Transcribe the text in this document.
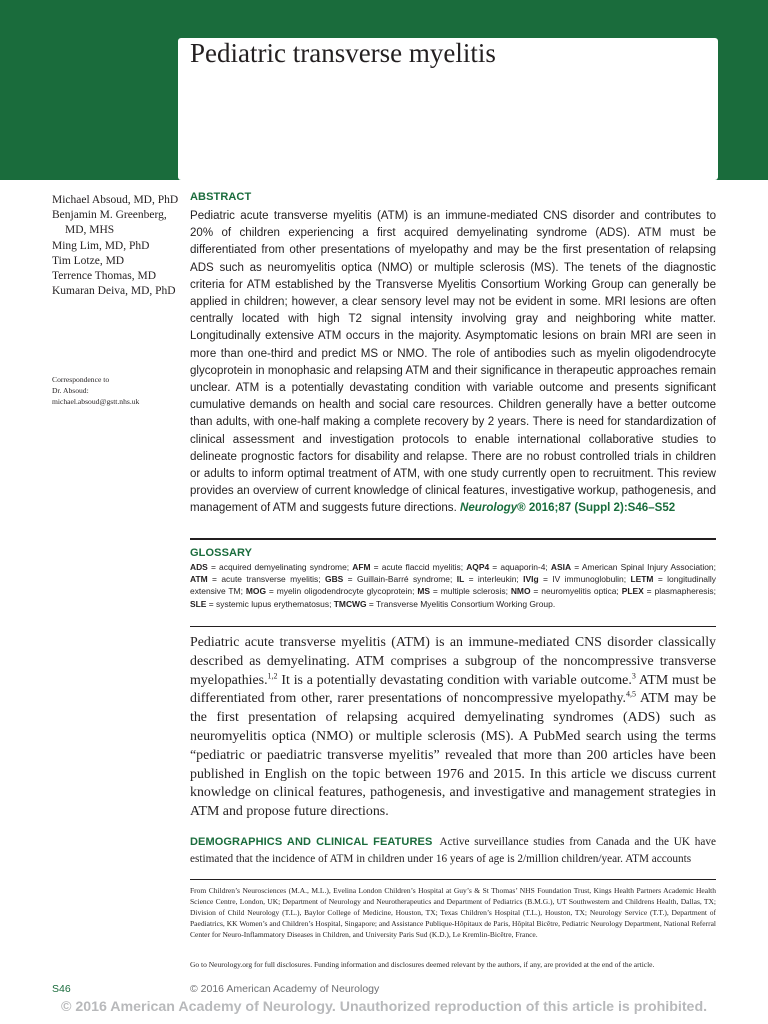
Pediatric transverse myelitis
Michael Absoud, MD, PhD
Benjamin M. Greenberg, MD, MHS
Ming Lim, MD, PhD
Tim Lotze, MD
Terrence Thomas, MD
Kumaran Deiva, MD, PhD
Correspondence to
Dr. Absoud:
michael.absoud@gstt.nhs.uk
ABSTRACT
Pediatric acute transverse myelitis (ATM) is an immune-mediated CNS disorder and contributes to 20% of children experiencing a first acquired demyelinating syndrome (ADS). ATM must be differentiated from other presentations of myelopathy and may be the first presentation of relapsing ADS such as neuromyelitis optica (NMO) or multiple sclerosis (MS). The tenets of the diagnostic criteria for ATM established by the Transverse Myelitis Consortium Working Group can generally be applied in children; however, a clear sensory level may not be evident in some. MRI lesions are often centrally located with high T2 signal intensity involving gray and neighboring white matter. Longitudinally extensive ATM occurs in the majority. Asymptomatic lesions on brain MRI are seen in more than one-third and predict MS or NMO. The role of antibodies such as myelin oligodendrocyte glycoprotein in monophasic and relapsing ATM and their significance in therapeutic approaches remain unclear. ATM is a potentially devastating condition with variable outcome and presents significant cumulative demands on health and social care resources. Children generally have a better outcome than adults, with one-half making a complete recovery by 2 years. There is need for standardization of clinical assessment and investigation protocols to enable international collaborative studies to delineate prognostic factors for disability and relapse. There are no robust controlled trials in children or adults to inform optimal treatment of ATM, with one study currently open to recruitment. This review provides an overview of current knowledge of clinical features, investigative workup, pathogenesis, and management of ATM and suggests future directions. Neurology® 2016;87 (Suppl 2):S46–S52
GLOSSARY
ADS = acquired demyelinating syndrome; AFM = acute flaccid myelitis; AQP4 = aquaporin-4; ASIA = American Spinal Injury Association; ATM = acute transverse myelitis; GBS = Guillain-Barré syndrome; IL = interleukin; IVIg = IV immunoglobulin; LETM = longitudinally extensive TM; MOG = myelin oligodendrocyte glycoprotein; MS = multiple sclerosis; NMO = neuromyelitis optica; PLEX = plasmapheresis; SLE = systemic lupus erythematosus; TMCWG = Transverse Myelitis Consortium Working Group.
Pediatric acute transverse myelitis (ATM) is an immune-mediated CNS disorder classically described as demyelinating. ATM comprises a subgroup of the noncompressive transverse myelopathies.$^{1,2}$ It is a potentially devastating condition with variable outcome.$^3$ ATM must be differentiated from other, rarer presentations of noncompressive myelopathy.$^{4,5}$ ATM may be the first presentation of relapsing acquired demyelinating syndromes (ADS) such as neuromyelitis optica (NMO) or multiple sclerosis (MS). A PubMed search using the terms “pediatric or paediatric transverse myelitis” revealed that more than 200 articles have been published in English on the topic between 1976 and 2015. In this article we discuss current knowledge on clinical features, pathogenesis, and investigative and management strategies in ATM and propose future directions.
DEMOGRAPHICS AND CLINICAL FEATURES Active surveillance studies from Canada and the UK have estimated that the incidence of ATM in children under 16 years of age is 2/million children/year. ATM accounts
From Children’s Neurosciences (M.A., M.L.), Evelina London Children’s Hospital at Guy’s & St Thomas’ NHS Foundation Trust, Kings Health Partners Academic Health Science Centre, London, UK; Department of Neurology and Neurotherapeutics and Department of Pediatrics (B.M.G.), UT Southwestern and Childrens Health, Dallas, TX; Division of Child Neurology (T.L.), Baylor College of Medicine, Houston, TX; Texas Children’s Hospital (T.L.), Houston, TX; Neurology Service (T.T.), Department of Paediatrics, KK Women’s and Children’s Hospital, Singapore; and Assistance Publique-Hôpitaux de Paris, Hôpital Bicêtre, Pediatric Neurology Department, National Referral Center for Neuro-Inflammatory Diseases in Children, and University Paris Sud (K.D.), Le Kremlin-Bicêtre, France.
Go to Neurology.org for full disclosures. Funding information and disclosures deemed relevant by the authors, if any, are provided at the end of the article.
S46	© 2016 American Academy of Neurology
© 2016 American Academy of Neurology. Unauthorized reproduction of this article is prohibited.
